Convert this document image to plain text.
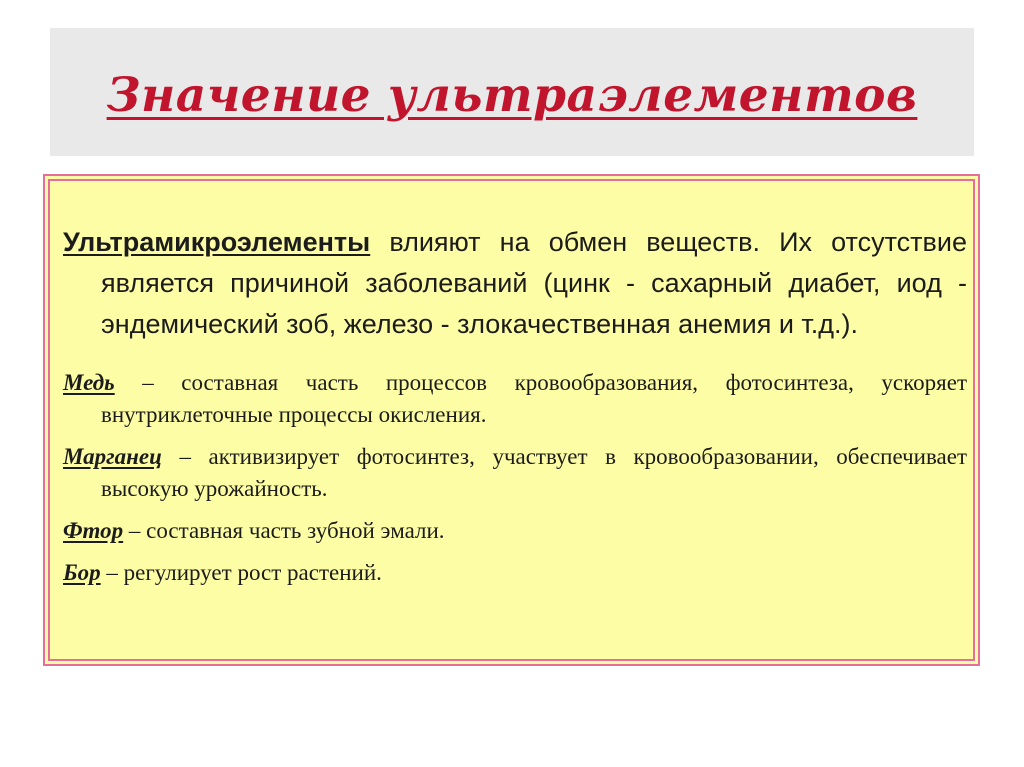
Значение ультраэлементов

Ультрамикроэлементы влияют на обмен веществ. Их отсутствие является причиной заболеваний (цинк - сахарный диабет, иод - эндемический зоб, железо - злокачественная анемия и т.д.).

Медь – составная часть процессов кровообразования, фотосинтеза, ускоряет внутриклеточные процессы окисления.

Марганец – активизирует фотосинтез, участвует в кровообразовании, обеспечивает высокую урожайность.

Фтор – составная часть зубной эмали.

Бор – регулирует рост растений.
